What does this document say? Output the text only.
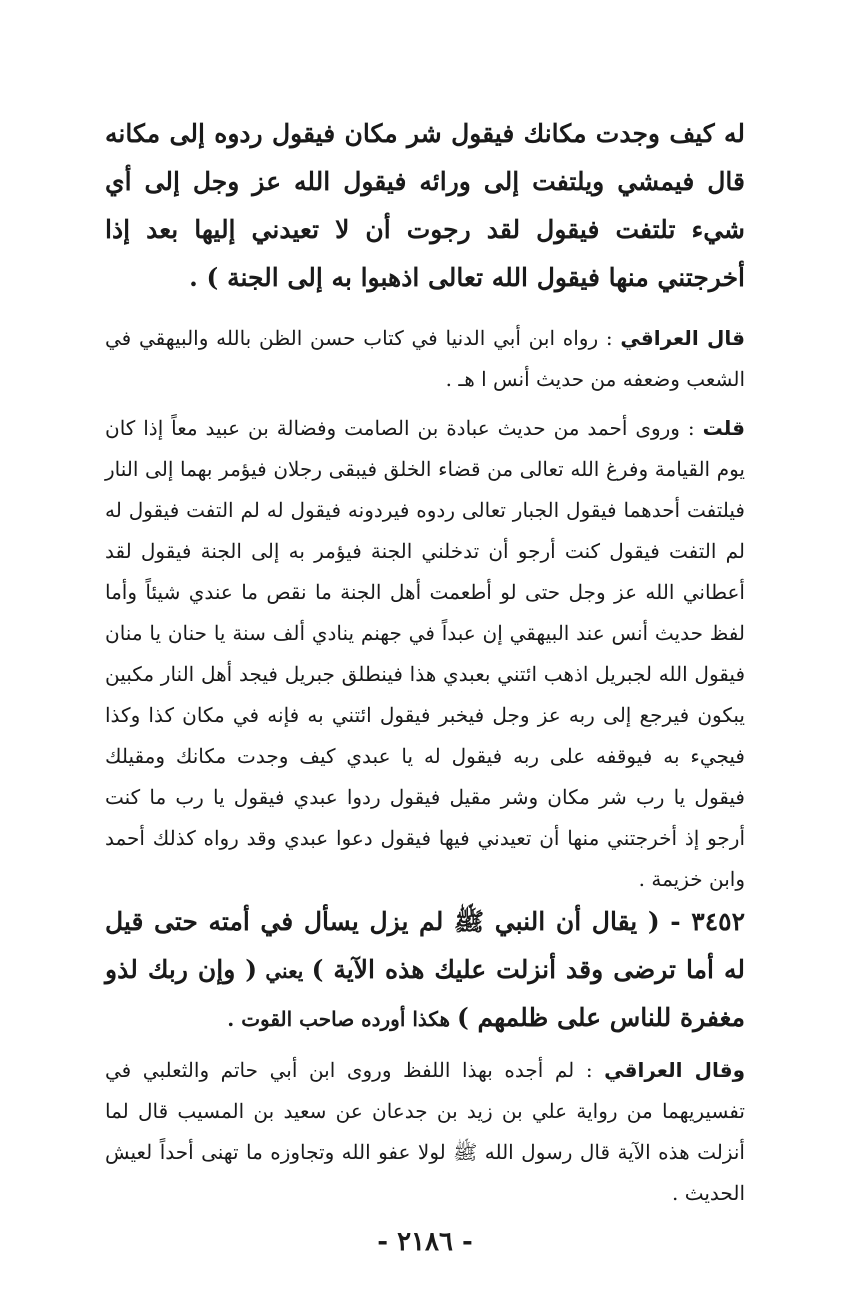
له كيف وجدت مكانك فيقول شر مكان فيقول ردوه إلى مكانه قال فيمشي ويلتفت إلى ورائه فيقول الله عز وجل إلى أي شيء تلتفت فيقول لقد رجوت أن لا تعيدني إليها بعد إذا أخرجتني منها فيقول الله تعالى اذهبوا به إلى الجنة ) .

قال العراقي : رواه ابن أبي الدنيا في كتاب حسن الظن بالله والبيهقي في الشعب وضعفه من حديث أنس ا هـ .

قلت : وروى أحمد من حديث عبادة بن الصامت وفضالة بن عبيد معاً إذا كان يوم القيامة وفرغ الله تعالى من قضاء الخلق فيبقى رجلان فيؤمر بهما إلى النار فيلتفت أحدهما فيقول الجبار تعالى ردوه فيردونه فيقول له لم التفت فيقول له لم التفت فيقول كنت أرجو أن تدخلني الجنة فيؤمر به إلى الجنة فيقول لقد أعطاني الله عز وجل حتى لو أطعمت أهل الجنة ما نقص ما عندي شيئاً وأما لفظ حديث أنس عند البيهقي إن عبداً في جهنم ينادي ألف سنة يا حنان يا منان فيقول الله لجبريل اذهب ائتني بعبدي هذا فينطلق جبريل فيجد أهل النار مكبين يبكون فيرجع إلى ربه عز وجل فيخبر فيقول ائتني به فإنه في مكان كذا وكذا فيجيء به فيوقفه على ربه فيقول له يا عبدي كيف وجدت مكانك ومقيلك فيقول يا رب شر مكان وشر مقيل فيقول ردوا عبدي فيقول يا رب ما كنت أرجو إذ أخرجتني منها أن تعيدني فيها فيقول دعوا عبدي وقد رواه كذلك أحمد وابن خزيمة .

٣٤٥٢ - ( يقال أن النبي ﷺ لم يزل يسأل في أمته حتى قيل له أما ترضى وقد أنزلت عليك هذه الآية ) يعني ( وإن ربك لذو مغفرة للناس على ظلمهم ) هكذا أورده صاحب القوت .

وقال العراقي : لم أجده بهذا اللفظ وروى ابن أبي حاتم والثعلبي في تفسيريهما من رواية علي بن زيد بن جدعان عن سعيد بن المسيب قال لما أنزلت هذه الآية قال رسول الله ﷺ لولا عفو الله وتجاوزه ما تهنى أحداً لعيش الحديث .

- ٢١٨٦ -
